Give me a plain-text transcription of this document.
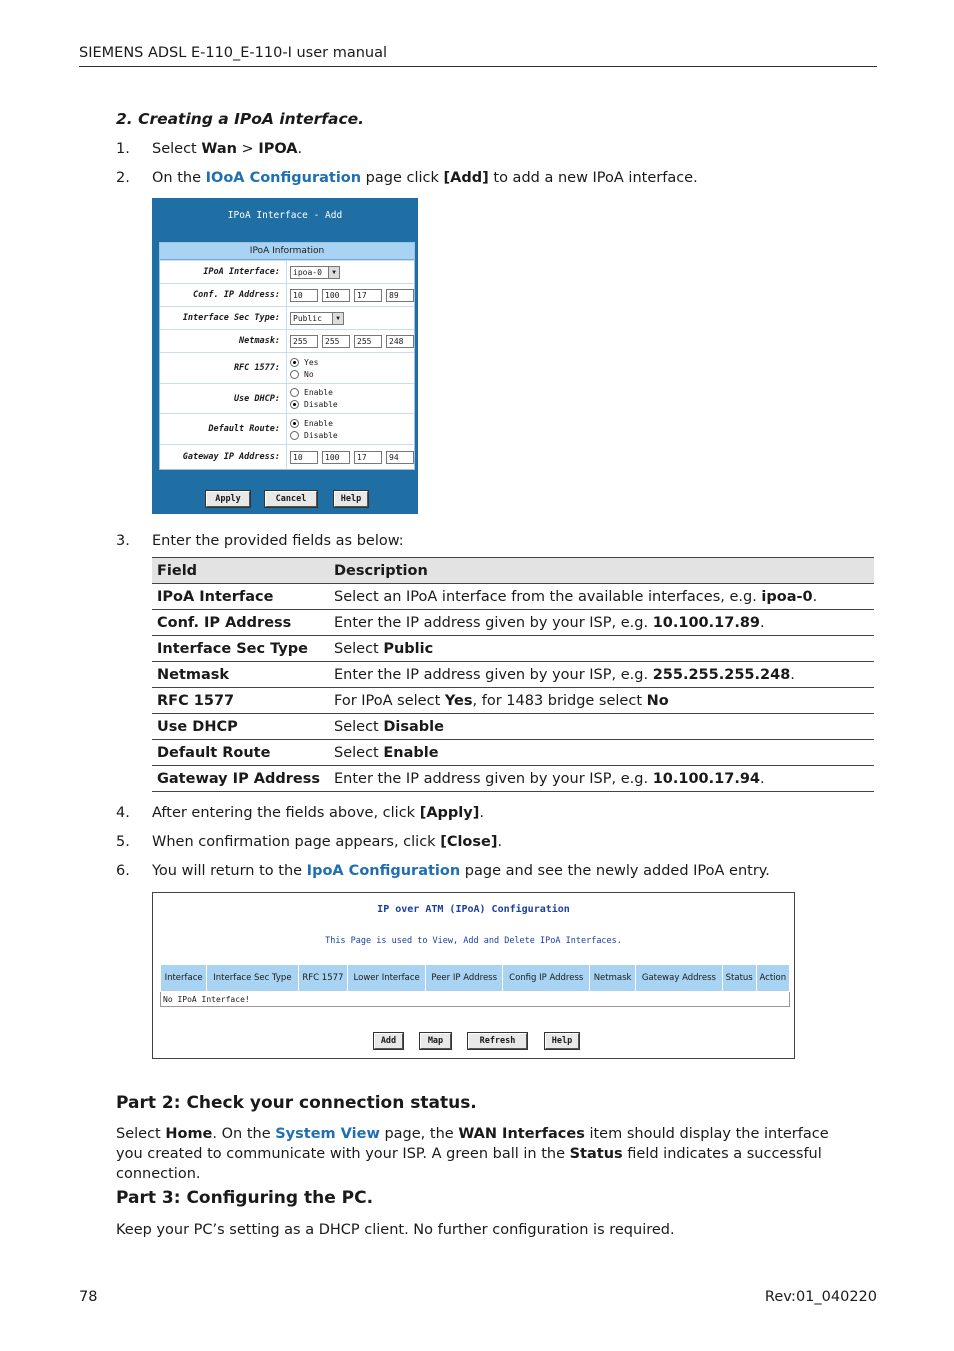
SIEMENS ADSL E-110_E-110-I user manual
78	Rev:01_040220
2. Creating a IPoA interface.
1. Select Wan > IPOA.
2. On the IOoA Configuration page click [Add] to add a new IPoA interface.
IPoA Interface - Add
IPoA Information
IPoA Interface:	ipoa-0	▼
Conf. IP Address:	10	100	17	89
Interface Sec Type:	Public	▼
Netmask:	255	255	255	248
RFC 1577:
Yes
No
Use DHCP:
Enable
Disable
Default Route:
Enable
Disable
Gateway IP Address:	10	100	17	94
Apply	Cancel	Help
3. Enter the provided fields as below:
Field	Description
IPoA Interface	Select an IPoA interface from the available interfaces, e.g. ipoa-0.
Conf. IP Address	Enter the IP address given by your ISP, e.g. 10.100.17.89.
Interface Sec Type	Select Public
Netmask	Enter the IP address given by your ISP, e.g. 255.255.255.248.
RFC 1577	For IPoA select Yes, for 1483 bridge select No
Use DHCP	Select Disable
Default Route	Select Enable
Gateway IP Address	Enter the IP address given by your ISP, e.g. 10.100.17.94.
4. After entering the fields above, click [Apply].
5. When confirmation page appears, click [Close].
6. You will return to the IpoA Configuration page and see the newly added IPoA entry.
IP over ATM (IPoA) Configuration
This Page is used to View, Add and Delete IPoA Interfaces.
Interface	Interface Sec Type	RFC 1577	Lower Interface	Peer IP Address	Config IP Address	Netmask	Gateway Address	Status	Action
No IPoA Interface!
Add	Map	Refresh	Help
Part 2: Check your connection status.

Select Home. On the System View page, the WAN Interfaces item should display the interface you created to communicate with your ISP. A green ball in the Status field indicates a successful connection.

Part 3: Configuring the PC.

Keep your PC’s setting as a DHCP client. No further configuration is required.
